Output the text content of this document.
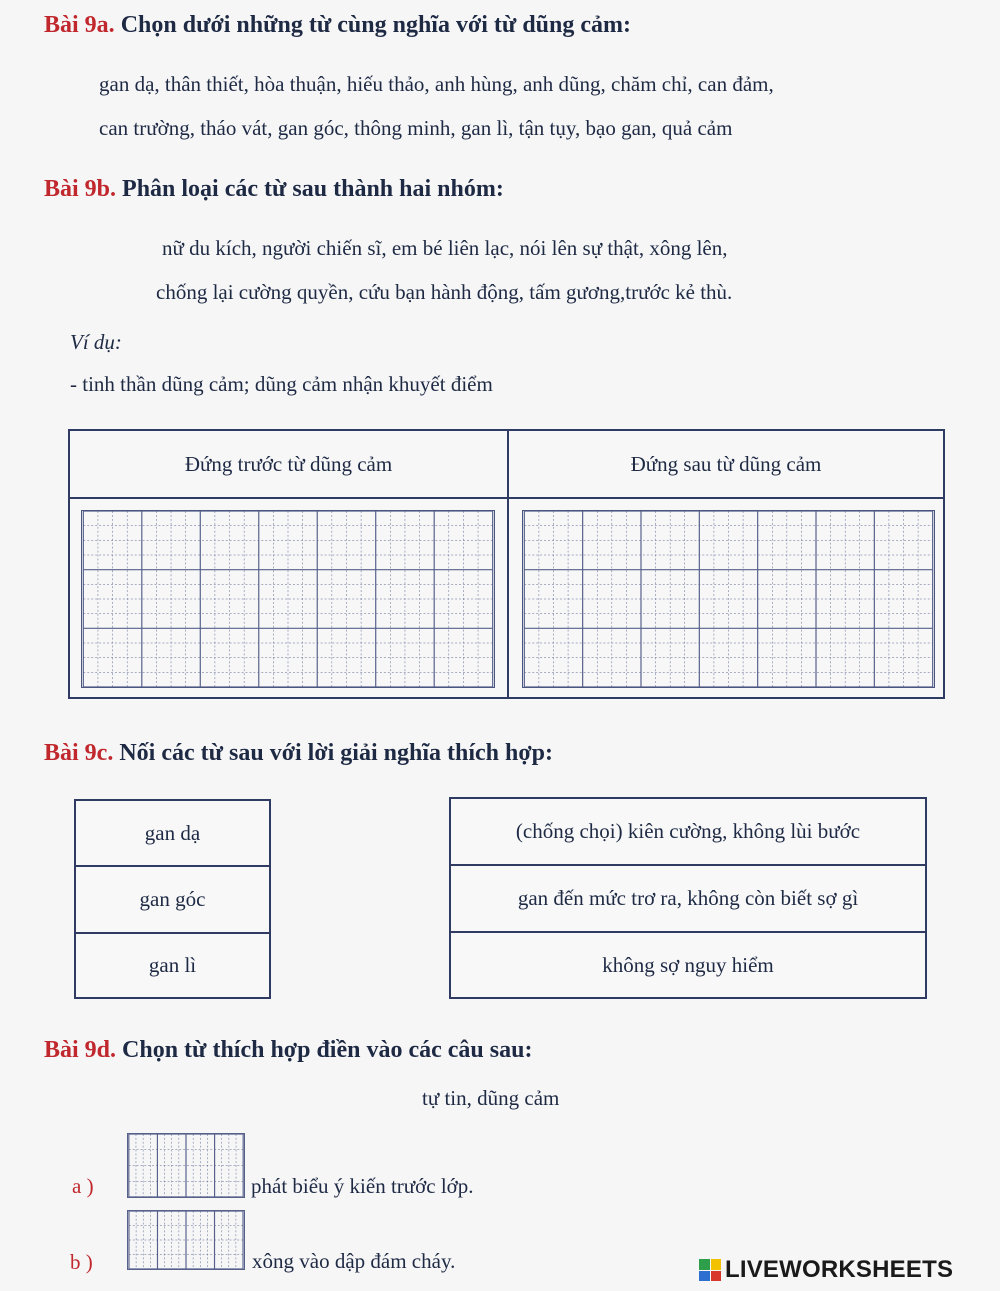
Bài 9a. Chọn dưới những từ cùng nghĩa với từ dũng cảm:
gan dạ, thân thiết, hòa thuận, hiếu thảo, anh hùng, anh dũng, chăm chỉ, can đảm,
can trường, tháo vát, gan góc, thông minh, gan lì, tận tụy, bạo gan, quả cảm
Bài 9b. Phân loại các từ sau thành hai nhóm:
nữ du kích, người chiến sĩ, em bé liên lạc, nói lên sự thật, xông lên,
chống lại cường quyền, cứu bạn hành động, tấm gương,trước kẻ thù.
Ví dụ:
- tinh thần dũng cảm; dũng cảm nhận khuyết điểm
Đứng trước từ dũng cảm	Đứng sau từ dũng cảm
Bài 9c. Nối các từ sau với lời giải nghĩa thích hợp:
gan dạ
gan góc
gan lì
(chống chọi) kiên cường, không lùi bước
gan đến mức trơ ra, không còn biết sợ gì
không sợ nguy hiểm
Bài 9d. Chọn từ thích hợp điền vào các câu sau:
tự tin, dũng cảm
a )	phát biểu ý kiến trước lớp.
b )	xông vào dập đám cháy.	LIVEWORKSHEETS
